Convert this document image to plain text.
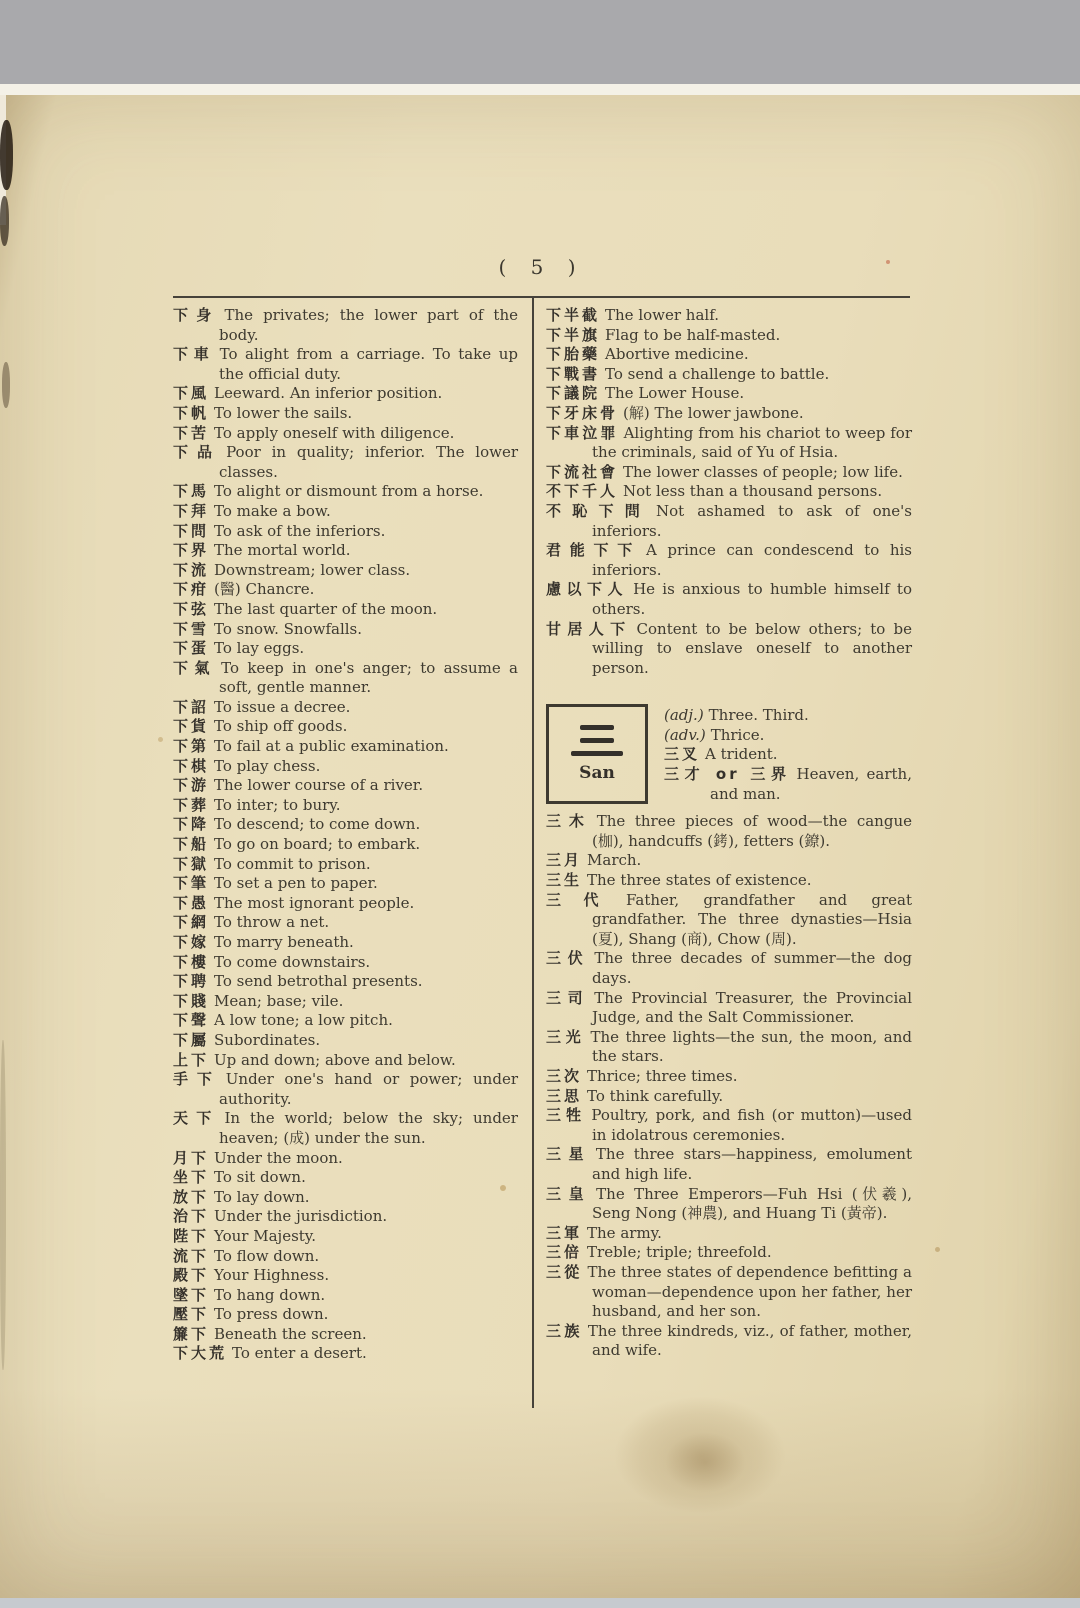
( 5 )
下身 The privates; the lower part of the body.
下車 To alight from a carriage. To take up the official duty.
下風 Leeward. An inferior position.
下帆 To lower the sails.
下苦 To apply oneself with diligence.
下品 Poor in quality; inferior. The lower classes.
下馬 To alight or dismount from a horse.
下拜 To make a bow.
下問 To ask of the inferiors.
下界 The mortal world.
下流 Downstream; lower class.
下疳 (醫) Chancre.
下弦 The last quarter of the moon.
下雪 To snow. Snowfalls.
下蛋 To lay eggs.
下氣 To keep in one's anger; to assume a soft, gentle manner.
下詔 To issue a decree.
下貨 To ship off goods.
下第 To fail at a public examination.
下棋 To play chess.
下游 The lower course of a river.
下葬 To inter; to bury.
下降 To descend; to come down.
下船 To go on board; to embark.
下獄 To commit to prison.
下筆 To set a pen to paper.
下愚 The most ignorant people.
下網 To throw a net.
下嫁 To marry beneath.
下樓 To come downstairs.
下聘 To send betrothal presents.
下賤 Mean; base; vile.
下聲 A low tone; a low pitch.
下屬 Subordinates.
上下 Up and down; above and below.
手下 Under one's hand or power; under authority.
天下 In the world; below the sky; under heaven; (成) under the sun.
月下 Under the moon.
坐下 To sit down.
放下 To lay down.
治下 Under the jurisdiction.
陛下 Your Majesty.
流下 To flow down.
殿下 Your Highness.
墜下 To hang down.
壓下 To press down.
簾下 Beneath the screen.
下大荒 To enter a desert.
下半截 The lower half.
下半旗 Flag to be half-masted.
下胎藥 Abortive medicine.
下戰書 To send a challenge to battle.
下議院 The Lower House.
下牙床骨 (解) The lower jawbone.
下車泣罪 Alighting from his chariot to weep for the criminals, said of Yu of Hsia.
下流社會 The lower classes of people; low life.
不下千人 Not less than a thousand persons.
不恥下問 Not ashamed to ask of one's inferiors.
君能下下 A prince can condescend to his inferiors.
慮以下人 He is anxious to humble himself to others.
甘居人下 Content to be below others; to be willing to enslave oneself to another person.
San
(adj.) Three. Third.
(adv.) Thrice.
三叉 A trident.
三才 or 三界 Heaven, earth, and man.
三木 The three pieces of wood—the cangue (枷), handcuffs (銬), fetters (鐐).
三月 March.
三生 The three states of existence.
三代 Father, grandfather and great grandfather. The three dynasties—Hsia (夏), Shang (商), Chow (周).
三伏 The three decades of summer—the dog days.
三司 The Provincial Treasurer, the Provincial Judge, and the Salt Commissioner.
三光 The three lights—the sun, the moon, and the stars.
三次 Thrice; three times.
三思 To think carefully.
三牲 Poultry, pork, and fish (or mutton)—used in idolatrous ceremonies.
三星 The three stars—happiness, emolument and high life.
三皇 The Three Emperors—Fuh Hsi (伏羲), Seng Nong (神農), and Huang Ti (黃帝).
三軍 The army.
三倍 Treble; triple; threefold.
三從 The three states of dependence befitting a woman—dependence upon her father, her husband, and her son.
三族 The three kindreds, viz., of father, mother, and wife.
